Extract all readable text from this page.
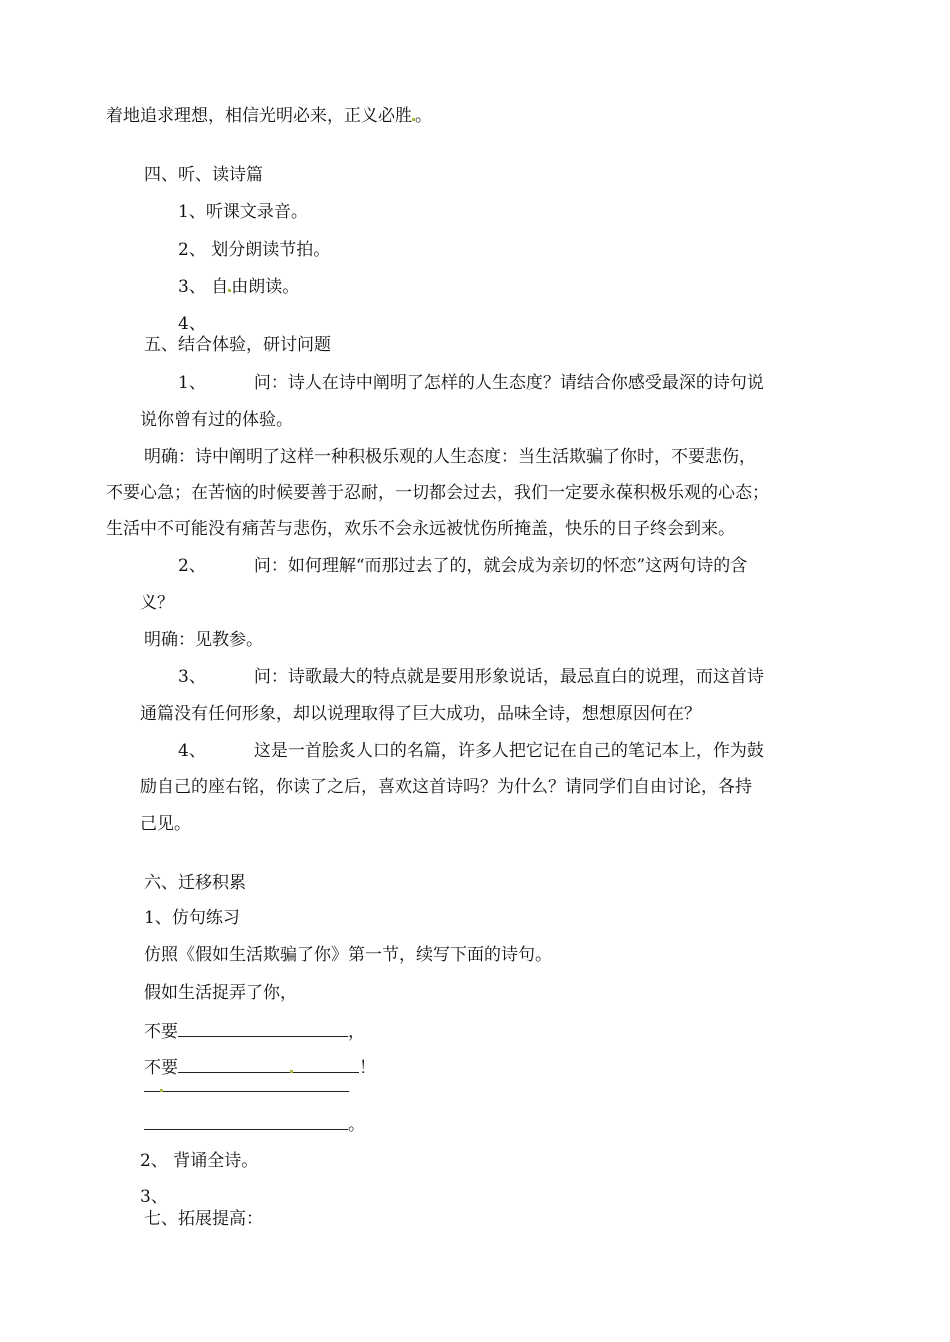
着地追求理想，相信光明必来，正义必胜 。
四、听、读诗篇
1、听课文录音。
2、 划分朗读节拍。
3、 自 由朗读。
4、
五、结合体验，研讨问题
1、	问：诗人在诗中阐明了怎样的人生态度？请结合你感受最深的诗句说
说你曾有过的体验。
明确：诗中阐明了这样一种积极乐观的人生态度：当生活欺骗了你时，不要悲伤，
不要心急；在苦恼的时候要善于忍耐，一切都会过去，我们一定要永葆积极乐观的心态；
生活中不可能没有痛苦与悲伤，欢乐不会永远被忧伤所掩盖，快乐的日子终会到来。
2、	问：如何理解“而那过去了的，就会成为亲切的怀恋”这两句诗的含
义？
明确：见教参。
3、	问：诗歌最大的特点就是要用形象说话，最忌直白的说理，而这首诗
通篇没有任何形象，却以说理取得了巨大成功，品味全诗，想想原因何在？
4、	这是一首脍炙人口的名篇，许多人把它记在自己的笔记本上，作为鼓
励自己的座右铭，你读了之后，喜欢这首诗吗？为什么？请同学们自由讨论，各持
己见。
六、迁移积累
1、仿句练习
仿照《假如生活欺骗了你》第一节，续写下面的诗句。
假如生活捉弄了你，
不要	，
不要	！
。
2、 背诵全诗。
3、
七、拓展提高：
